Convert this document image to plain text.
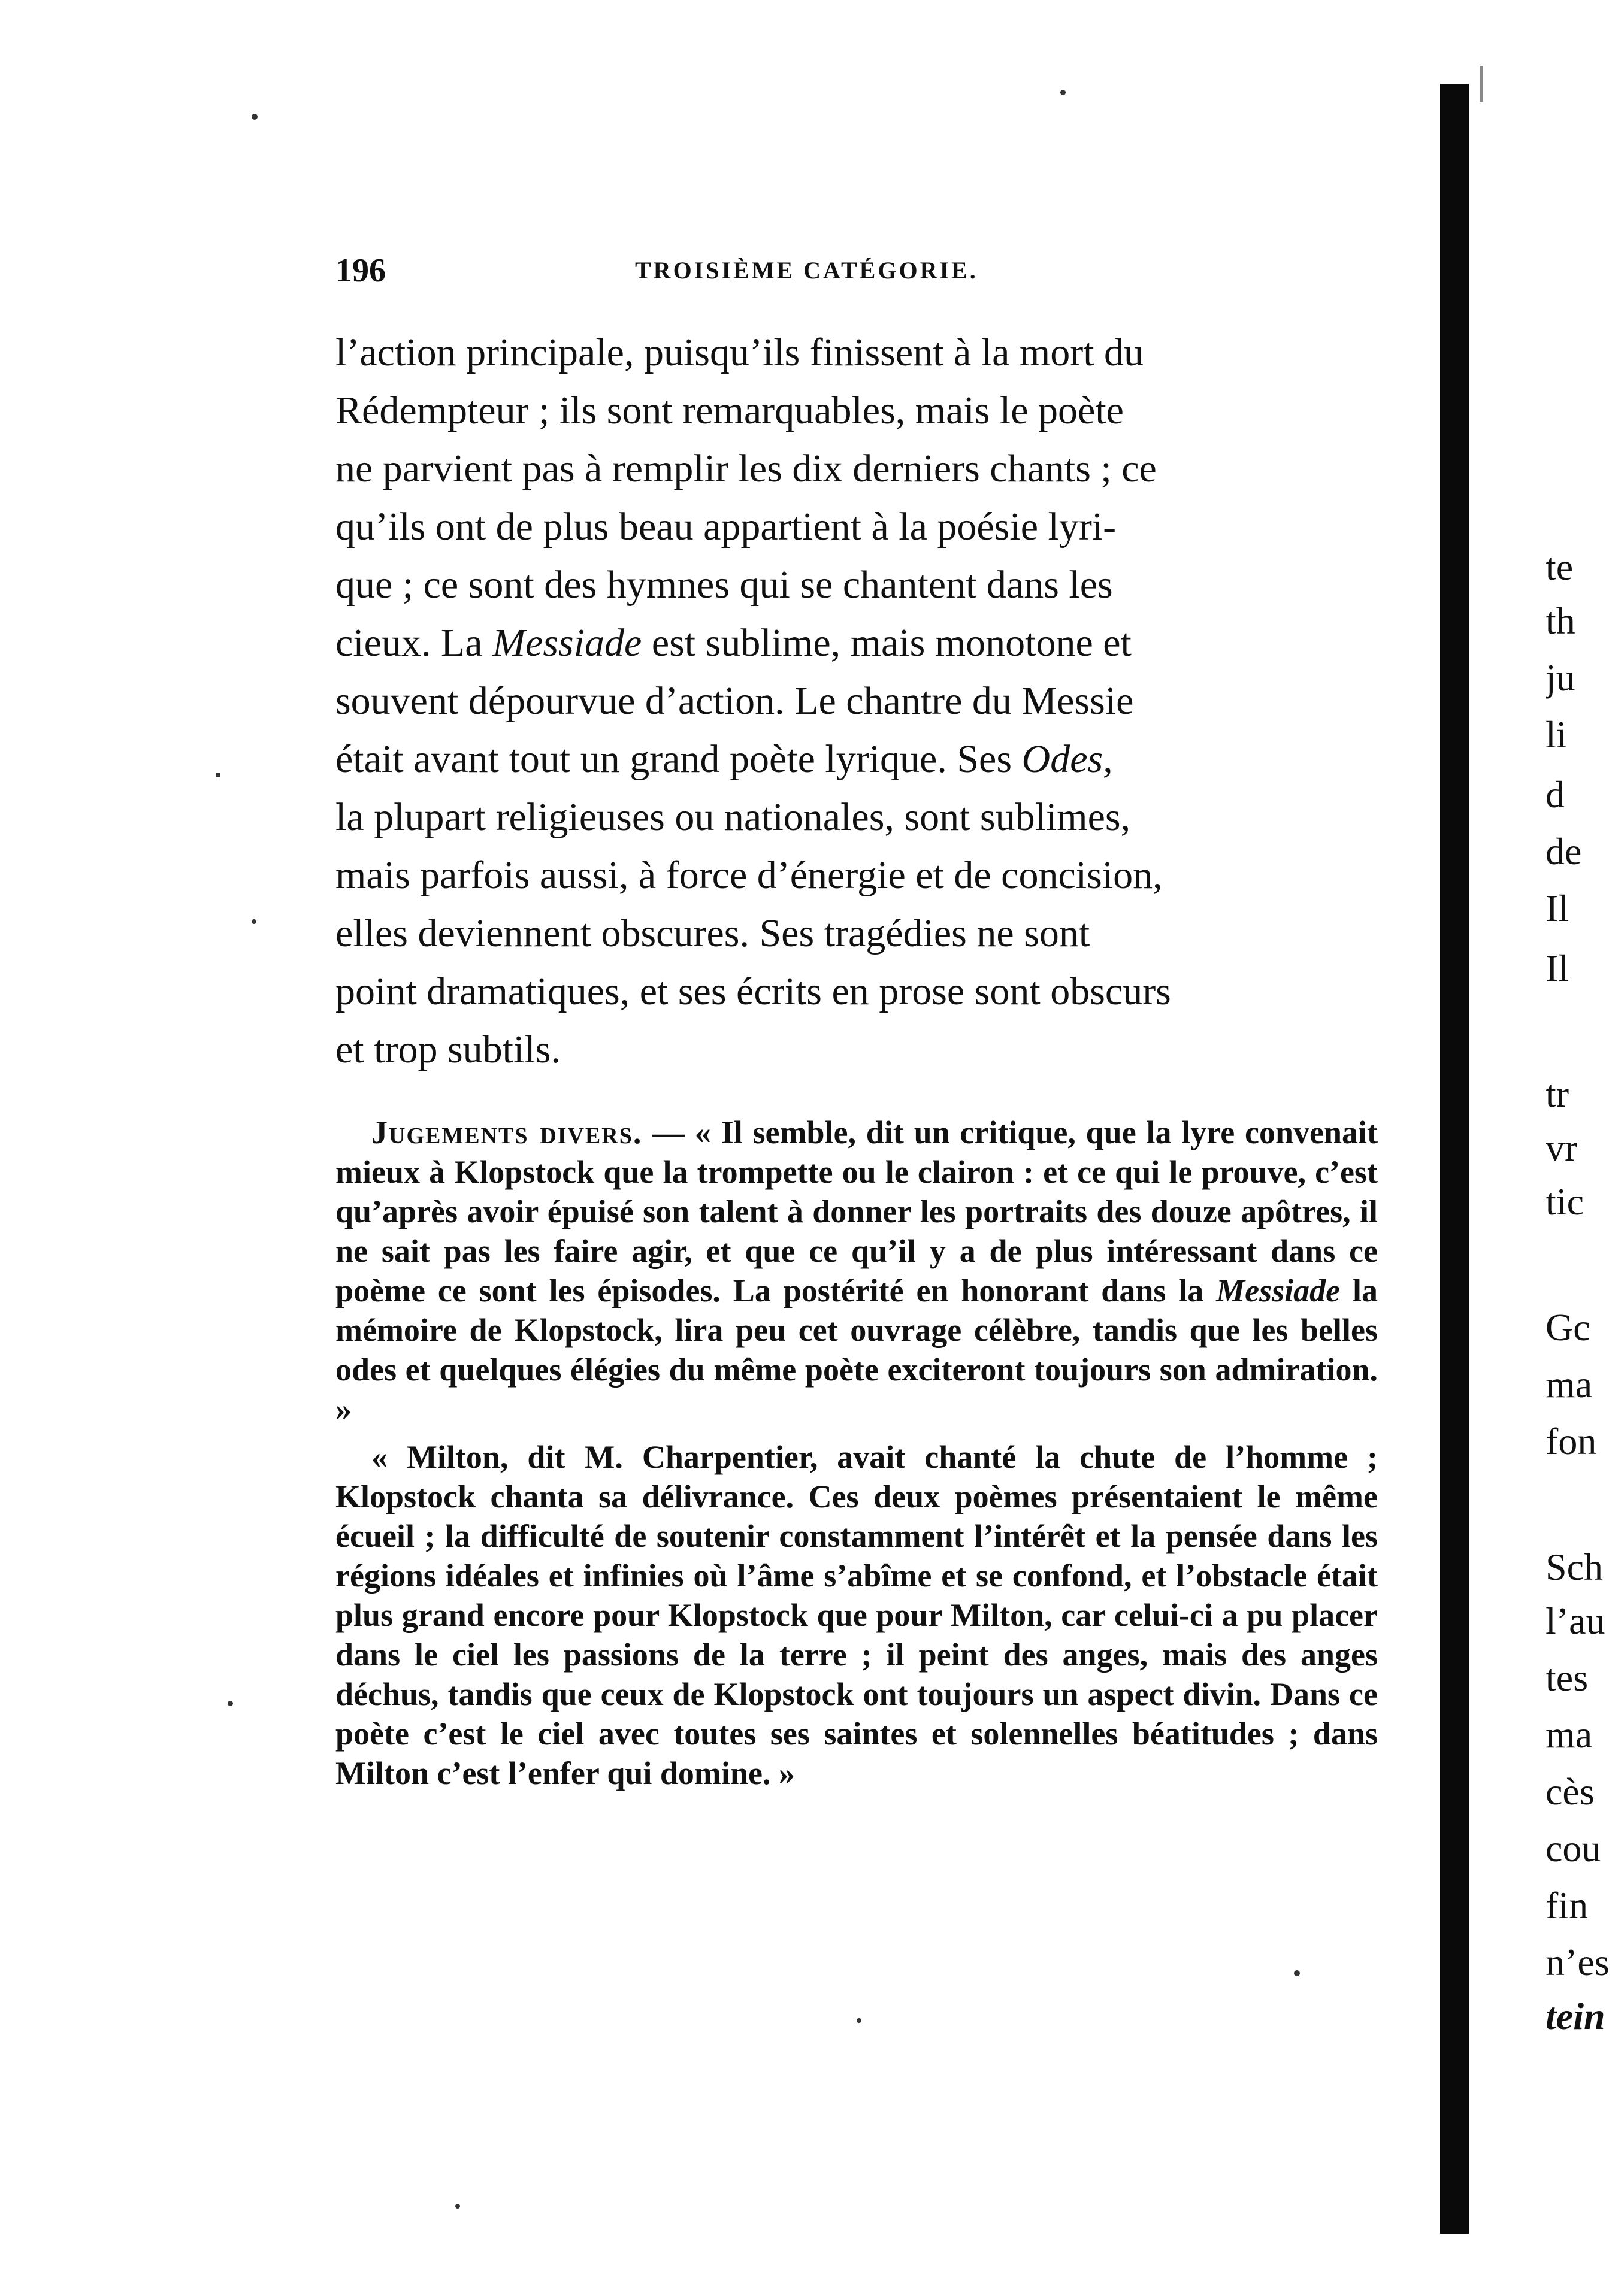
196	TROISIÈME CATÉGORIE.

l’action principale, puisqu’ils finissent à la mort du

Rédempteur ; ils sont remarquables, mais le poète

ne parvient pas à remplir les dix derniers chants ; ce

qu’ils ont de plus beau appartient à la poésie lyri-

que ; ce sont des hymnes qui se chantent dans les

cieux. La Messiade est sublime, mais monotone et

souvent dépourvue d’action. Le chantre du Messie

était avant tout un grand poète lyrique. Ses Odes,

la plupart religieuses ou nationales, sont sublimes,

mais parfois aussi, à force d’énergie et de concision,

elles deviennent obscures. Ses tragédies ne sont

point dramatiques, et ses écrits en prose sont obscurs

et trop subtils.

Jugements divers. — « Il semble, dit un critique, que la lyre convenait mieux à Klopstock que la trompette ou le clairon : et ce qui le prouve, c’est qu’après avoir épuisé son talent à donner les portraits des douze apôtres, il ne sait pas les faire agir, et que ce qu’il y a de plus intéressant dans ce poème ce sont les épisodes. La postérité en honorant dans la Messiade la mémoire de Klopstock, lira peu cet ouvrage célèbre, tandis que les belles odes et quelques élégies du même poète exciteront toujours son admiration. »

« Milton, dit M. Charpentier, avait chanté la chute de l’homme ; Klopstock chanta sa délivrance. Ces deux poèmes présentaient le même écueil ; la difficulté de soutenir constamment l’intérêt et la pensée dans les régions idéales et infinies où l’âme s’abîme et se confond, et l’obstacle était plus grand encore pour Klopstock que pour Milton, car celui-ci a pu placer dans le ciel les passions de la terre ; il peint des anges, mais des anges déchus, tandis que ceux de Klopstock ont toujours un aspect divin. Dans ce poète c’est le ciel avec toutes ses saintes et solennelles béatitudes ; dans Milton c’est l’enfer qui domine. »

te
th
ju
li
d
de
Il
Il
tr
vr
tic
Gc
ma
fon
Sch
l’au
tes
ma
cès
cou
fin
n’es
tein
